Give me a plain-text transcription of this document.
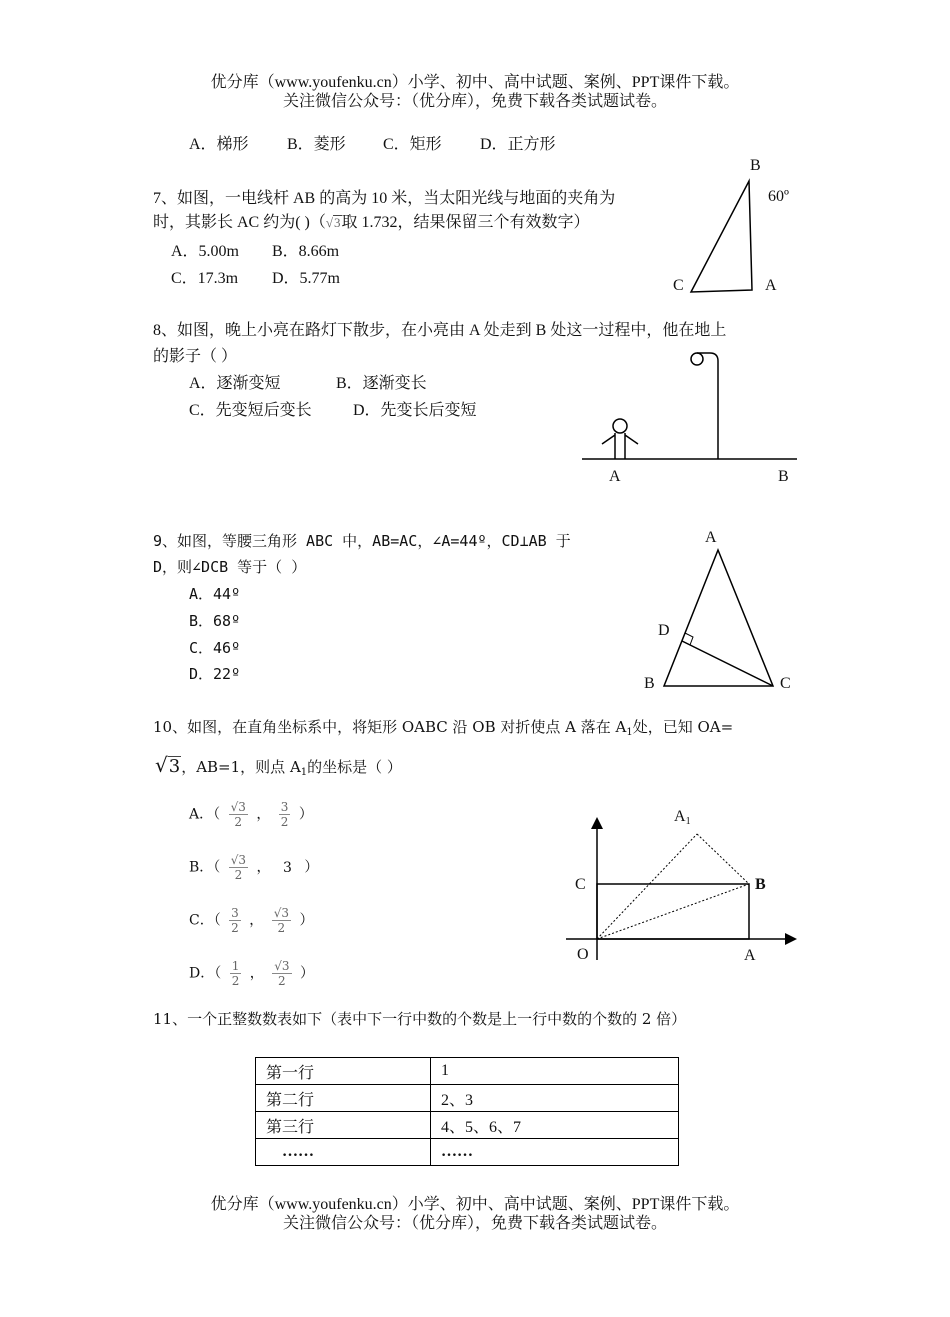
优分库（www.youfenku.cn）小学、初中、高中试题、案例、PPT课件下载。
关注微信公众号：（优分库），免费下载各类试题试卷。
A．梯形 B．菱形 C．矩形 D．正方形
7、如图，一电线杆 AB 的高为 10 米，当太阳光线与地面的夹角为
时，其影长 AC 约为( )（√3取 1.732，结果保留三个有效数字）
A．5.00m B．8.66m
C．17.3m D．5.77m
B
60º
C	A
8、如图，晚上小亮在路灯下散步，在小亮由 A 处走到 B 处这一过程中，他在地上
的影子（ ）
A．逐渐变短	B．逐渐变长
C．先变短后变长	D．先变长后变短
A	B
9、如图，等腰三角形 ABC 中，AB=AC，∠A=44º，CD⊥AB 于
D，则∠DCB 等于（ ）
A．44º
B．68º
C．46º
D．22º
A
D
B	C
10、如图，在直角坐标系中，将矩形 OABC 沿 OB 对折使点 A 落在 $A_1$处，已知 OA=
√3，AB=1，则点 $A_1$的坐标是（ ）
A．（ $\frac{√3}{2}$ ， $\frac{3}{2}$ ）
B．（ $\frac{√3}{2}$ ， 3 ）
C．（ $\frac{3}{2}$ ， $\frac{√3}{2}$ ）
D．（ $\frac{1}{2}$ ， $\frac{√3}{2}$ ）
A1
C	B
O	A
11、一个正整数数表如下（表中下一行中数的个数是上一行中数的个数的 2 倍）
第一行	1
第二行	2、3
第三行	4、5、6、7
……	……
优分库（www.youfenku.cn）小学、初中、高中试题、案例、PPT课件下载。
关注微信公众号：（优分库），免费下载各类试题试卷。
